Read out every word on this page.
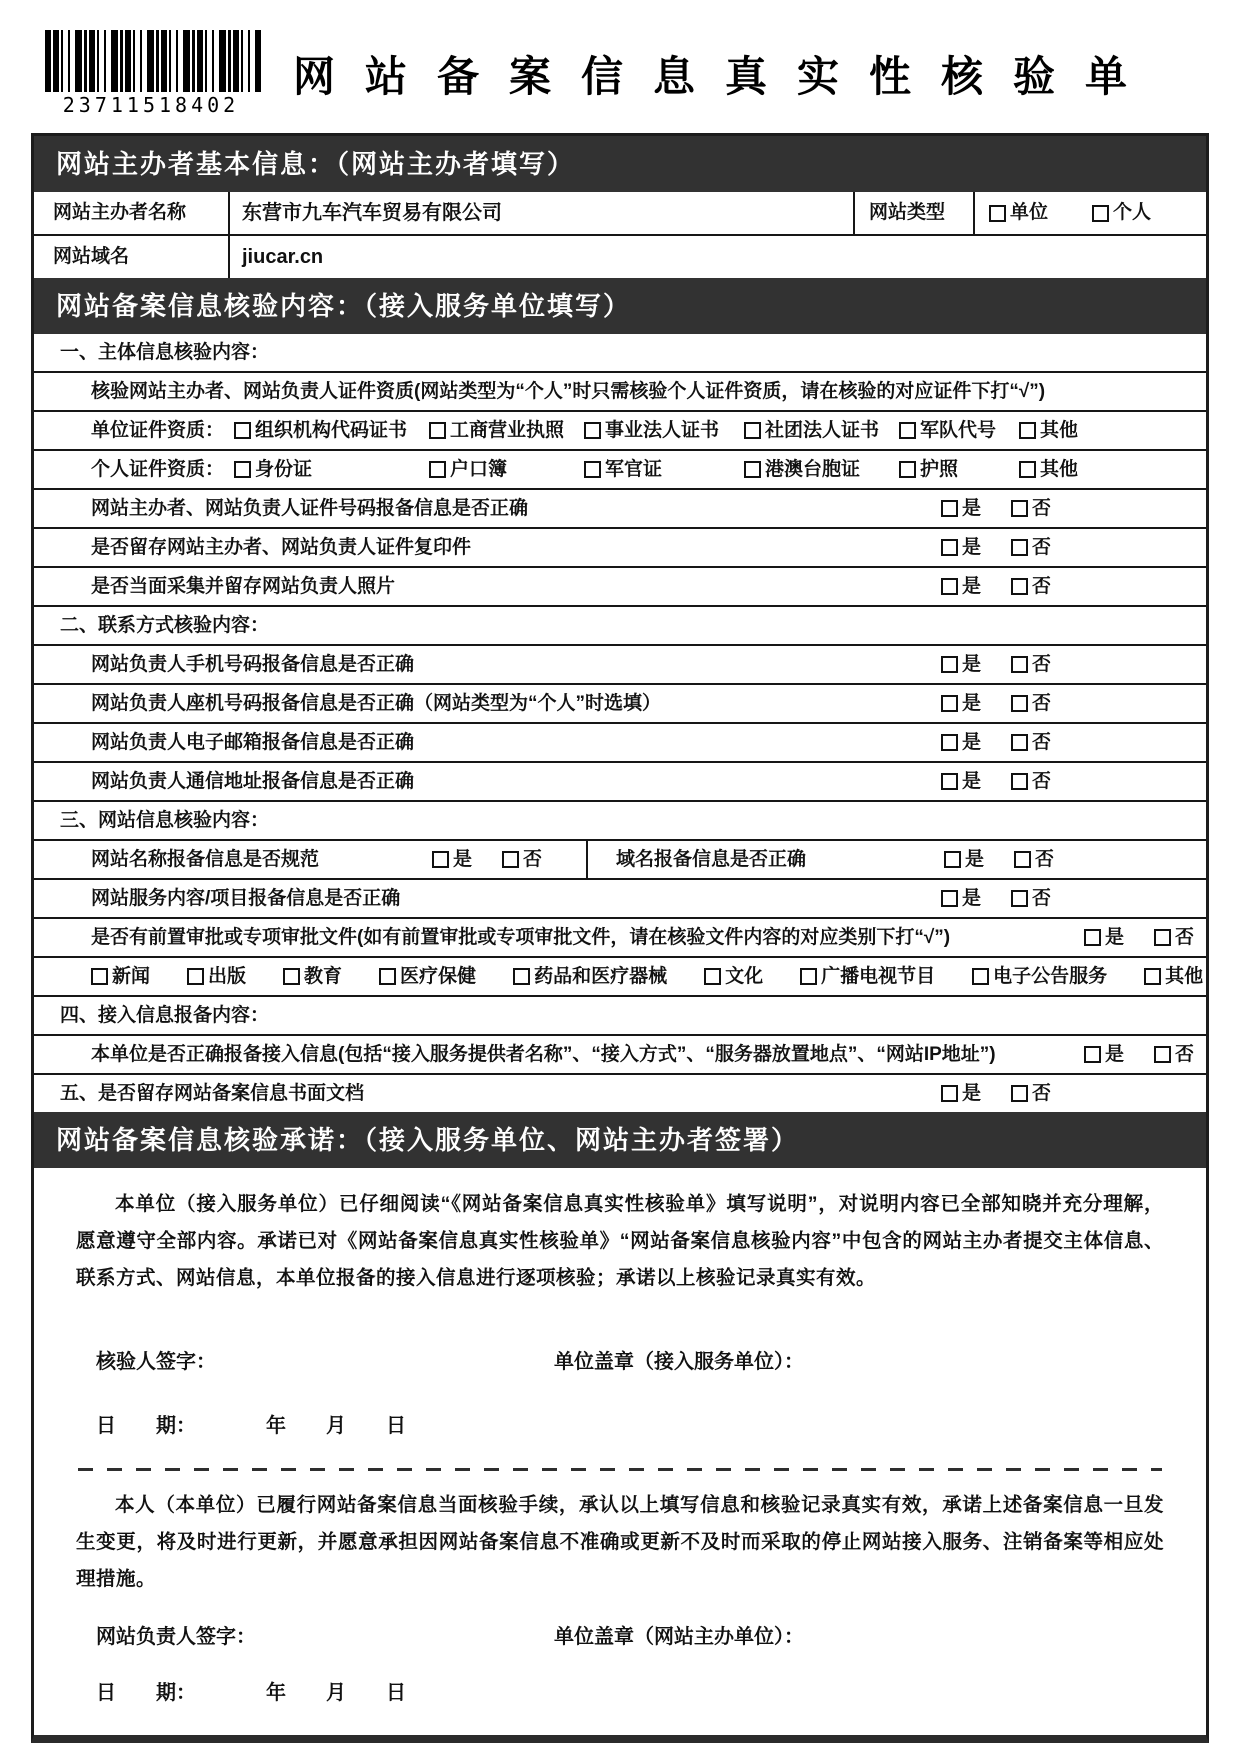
23711518402
网站备案信息真实性核验单
网站主办者基本信息：（网站主办者填写）
网站主办者名称	东营市九车汽车贸易有限公司	网站类型	单位	个人
网站域名	jiucar.cn
网站备案信息核验内容：（接入服务单位填写）
一、主体信息核验内容：
核验网站主办者、网站负责人证件资质(网站类型为“个人”时只需核验个人证件资质，请在核验的对应证件下打“√”)
单位证件资质：	组织机构代码证书 工商营业执照 事业法人证书 社团法人证书 军队代号 其他
个人证件资质：	身份证	户口簿	军官证	港澳台胞证	护照	其他
网站主办者、网站负责人证件号码报备信息是否正确	是	否
是否留存网站主办者、网站负责人证件复印件	是	否
是否当面采集并留存网站负责人照片	是	否
二、联系方式核验内容：
网站负责人手机号码报备信息是否正确	是	否
网站负责人座机号码报备信息是否正确（网站类型为“个人”时选填）	是	否
网站负责人电子邮箱报备信息是否正确	是	否
网站负责人通信地址报备信息是否正确	是	否
三、网站信息核验内容：
网站名称报备信息是否规范	是	否	域名报备信息是否正确	是	否
网站服务内容/项目报备信息是否正确	是	否
是否有前置审批或专项审批文件(如有前置审批或专项审批文件，请在核验文件内容的对应类别下打“√”)	是	否
新闻	出版	教育	医疗保健	药品和医疗器械	文化	广播电视节目	电子公告服务	其他
四、接入信息报备内容：
本单位是否正确报备接入信息(包括“接入服务提供者名称”、“接入方式”、“服务器放置地点”、“网站IP地址”)	是	否
五、是否留存网站备案信息书面文档	是	否
网站备案信息核验承诺：（接入服务单位、网站主办者签署）

本单位（接入服务单位）已仔细阅读“《网站备案信息真实性核验单》填写说明”，对说明内容已全部知晓并充分理解，愿意遵守全部内容。承诺已对《网站备案信息真实性核验单》“网站备案信息核验内容”中包含的网站主办者提交主体信息、联系方式、网站信息，本单位报备的接入信息进行逐项核验；承诺以上核验记录真实有效。

核验人签字：	单位盖章（接入服务单位）：
日　　期：　　　　年　　月　　日

本人（本单位）已履行网站备案信息当面核验手续，承认以上填写信息和核验记录真实有效，承诺上述备案信息一旦发生变更，将及时进行更新，并愿意承担因网站备案信息不准确或更新不及时而采取的停止网站接入服务、注销备案等相应处理措施。

网站负责人签字：	单位盖章（网站主办单位）：
日　　期：　　　　年　　月　　日
